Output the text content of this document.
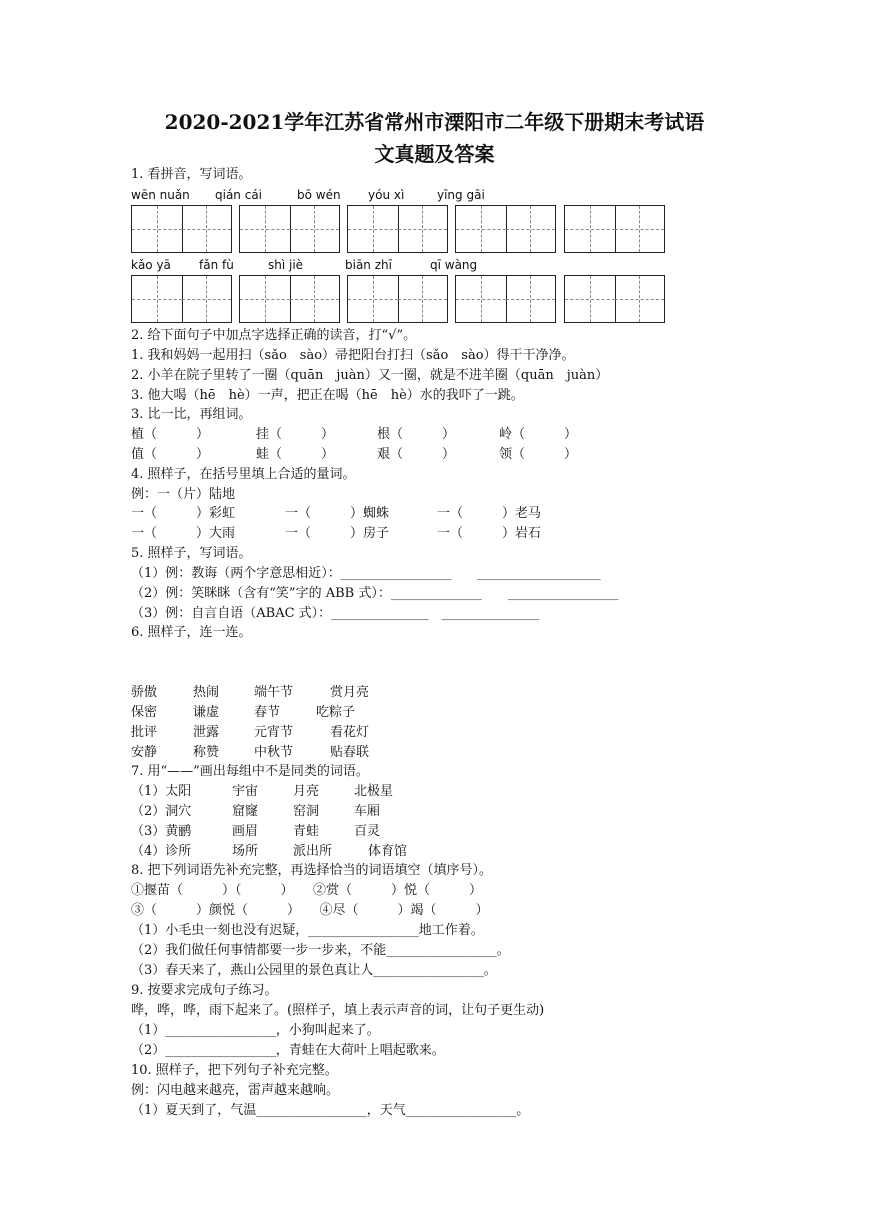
2020-2021学年江苏省常州市溧阳市二年级下册期末考试语
文真题及答案
1. 看拼音，写词语。
wēn nuǎn qián cái	bō wén yóu xì	yīng gāi
kǎo yā fǎn fù	shì jiè	biān zhī	qī wàng
2. 给下面句子中加点字选择正确的读音，打“√”。
1. 我和妈妈一起用扫（sǎo　sào）帚把阳台打扫（sǎo　sào）得干干净净。
2. 小羊在院子里转了一圈（quān　juàn）又一圈，就是不进羊圈（quān　juàn）
3. 他大喝（hē　hè）一声，把正在喝（hē　hè）水的我吓了一跳。
3. 比一比，再组词。
植（　　　）	挂（　　　）	根（　　　）	岭（　　　）
值（　　　）	蛙（　　　）	艰（　　　）	领（　　　）
4. 照样子，在括号里填上合适的量词。
例：一（片）陆地
一（　　　）彩虹	一（　　　）蜘蛛	一（　　　）老马
一（　　　）大雨	一（　　　）房子	一（　　　）岩石
5. 照样子，写词语。
（1）例：教诲（两个字意思相近）：_________________　　___________________
（2）例：笑眯眯（含有“笑”字的 ABB 式）：______________　　_________________
（3）例：自言自语（ABAC 式）：_______________　_______________
6. 照样子，连一连。
骄傲	热闹	端午节	赏月亮
保密	谦虚	春节	吃粽子
批评	泄露	元宵节	看花灯
安静	称赞	中秋节	贴春联
7. 用“——”画出每组中不是同类的词语。
（1）太阳	宇宙	月亮	北极星
（2）洞穴	窟窿	窑洞	车厢
（3）黄鹂	画眉	青蛙	百灵
（4）诊所	场所	派出所	体育馆
8. 把下列词语先补充完整，再选择恰当的词语填空（填序号）。
①揠苗（　　　）（　　　）　　②赏（　　　）悦（　　　）
③（　　　）颜悦（　　　）　　④尽（　　　）竭（　　　）
（1）小毛虫一刻也没有迟疑，_________________地工作着。
（2）我们做任何事情都要一步一步来，不能_________________。
（3）春天来了，燕山公园里的景色真让人_________________。
9. 按要求完成句子练习。
哗，哗，哗，雨下起来了。(照样子，填上表示声音的词，让句子更生动)
（1）_________________，小狗叫起来了。
（2）_________________，青蛙在大荷叶上唱起歌来。
10. 照样子，把下列句子补充完整。
例：闪电越来越亮，雷声越来越响。
（1）夏天到了，气温_________________，天气_________________。
